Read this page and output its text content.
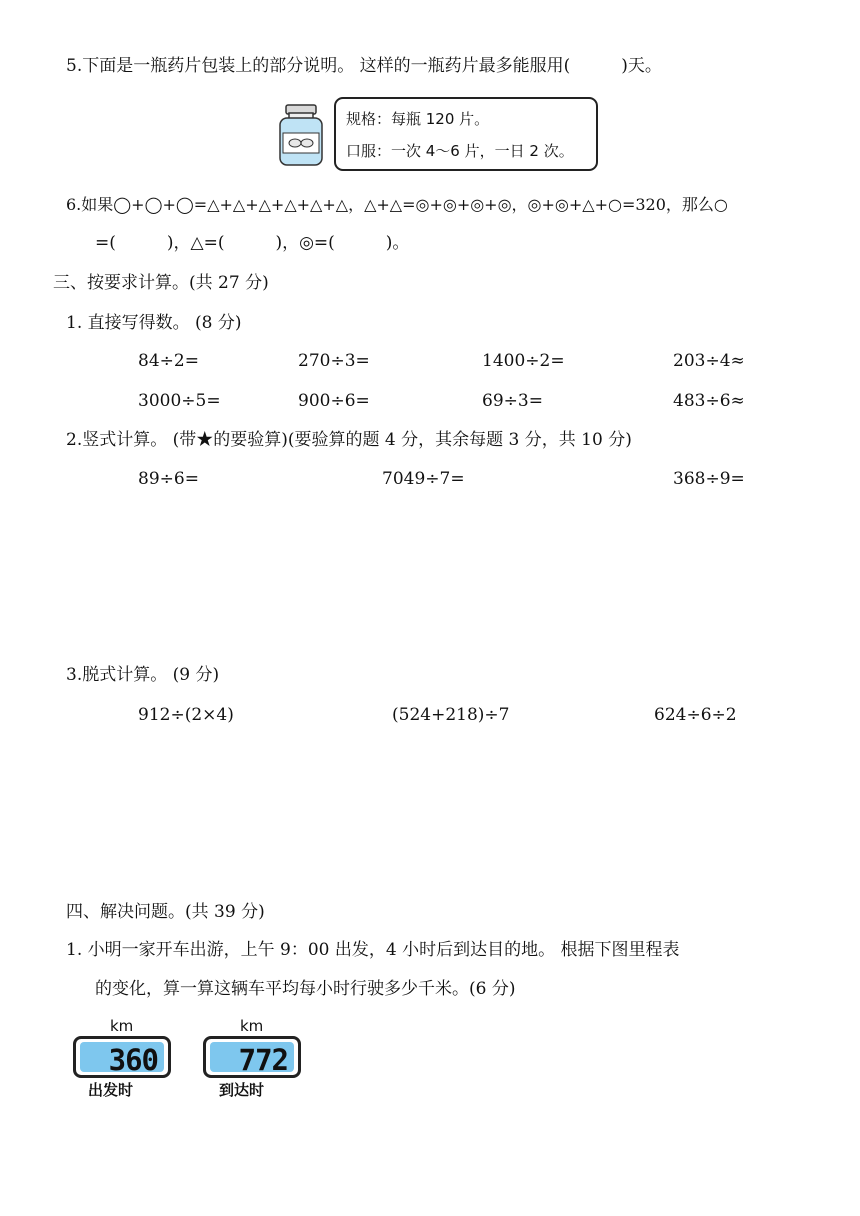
5.下面是一瓶药片包装上的部分说明。 这样的一瓶药片最多能服用(　　　)天。
规格：每瓶 120 片。
口服：一次 4～6 片，一日 2 次。
6.如果◯+◯+◯=△+△+△+△+△+△，△+△=◎+◎+◎+◎，◎+◎+△+○=320，那么○
=(　　　)，△=(　　　)，◎=(　　　)。
三、按要求计算。(共 27 分)
1. 直接写得数。 (8 分)
84÷2=	270÷3=	1400÷2=	203÷4≈
3000÷5=	900÷6=	69÷3=	483÷6≈
2.竖式计算。 (带★的要验算)(要验算的题 4 分，其余每题 3 分，共 10 分)
89÷6=	7049÷7=	368÷9=
3.脱式计算。 (9 分)
912÷(2×4)	(524+218)÷7	624÷6÷2
四、解决问题。(共 39 分)
1. 小明一家开车出游，上午 9：00 出发，4 小时后到达目的地。 根据下图里程表
的变化，算一算这辆车平均每小时行驶多少千米。(6 分)
km
360
出发时
km
772
到达时
